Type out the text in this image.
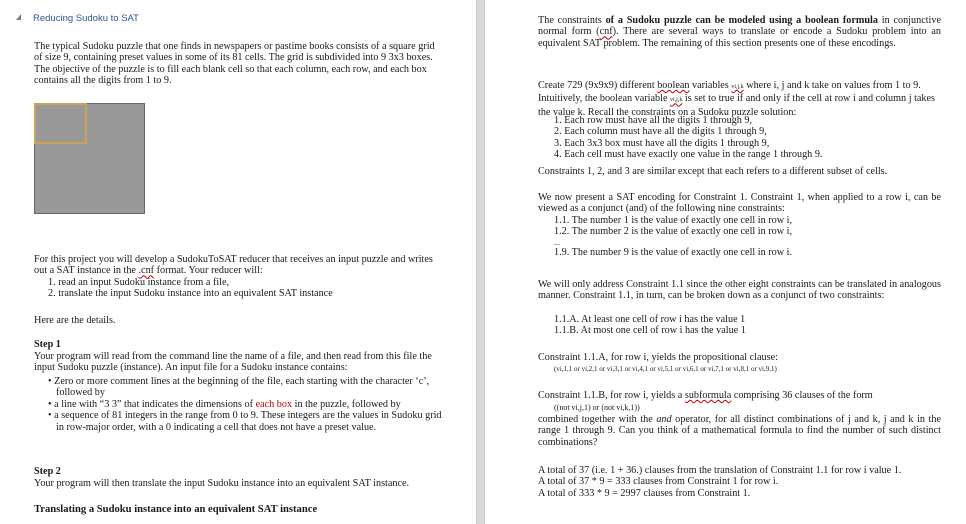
Reducing Sudoku to SAT

The typical Sudoku puzzle that one finds in newspapers or pastime books consists of a square grid of size 9, containing preset values in some of its 81 cells. The grid is subdivided into 9 3x3 boxes. The objective of the puzzle is to fill each blank cell so that each column, each row, and each box contains all the digits from 1 to 9.

For this project you will develop a SudokuToSAT reducer that receives an input puzzle and writes out a SAT instance in the .cnf format. Your reducer will:

1. read an input Sudoku instance from a file,

2. translate the input Sudoku instance into an equivalent SAT instance

Here are the details.

Step 1

Your program will read from the command line the name of a file, and then read from this file the input Sudoku puzzle (instance). An input file for a Sudoku instance contains:

• Zero or more comment lines at the beginning of the file, each starting with the character ‘c’, followed by

• a line with “3 3” that indicates the dimensions of each box in the puzzle, followed by

• a sequence of 81 integers in the range from 0 to 9. These integers are the values in Sudoku grid in row-major order, with a 0 indicating a cell that does not have a preset value.

Step 2

Your program will then translate the input Sudoku instance into an equivalent SAT instance.

Translating a Sudoku instance into an equivalent SAT instance

The constraints of a Sudoku puzzle can be modeled using a boolean formula in conjunctive normal form (cnf). There are several ways to translate or encode a Sudoku problem into an equivalent SAT problem. The remaining of this section presents one of these encodings.

Create 729 (9x9x9) different boolean variables vi,j,k where i, j and k take on values from 1 to 9. Intuitively, the boolean variable vi,j,k is set to true if and only if the cell at row i and column j takes the value k. Recall the constraints on a Sudoku puzzle solution:

1. Each row must have all the digits 1 through 9,

2. Each column must have all the digits 1 through 9,

3. Each 3x3 box must have all the digits 1 through 9,

4. Each cell must have exactly one value in the range 1 through 9.

Constraints 1, 2, and 3 are similar except that each refers to a different subset of cells.

We now present a SAT encoding for Constraint 1. Constraint 1, when applied to a row i, can be viewed as a conjunct (and) of the following nine constraints:

1.1. The number 1 is the value of exactly one cell in row i,

1.2. The number 2 is the value of exactly one cell in row i,

...

1.9. The number 9 is the value of exactly one cell in row i.

We will only address Constraint 1.1 since the other eight constraints can be translated in analogous manner. Constraint 1.1, in turn, can be broken down as a conjunct of two constraints:

1.1.A. At least one cell of row i has the value 1

1.1.B. At most one cell of row i has the value 1

Constraint 1.1.A, for row i, yields the propositional clause:

(vi,1,1 or vi,2,1 or vi,3,1 or vi,4,1 or vi,5,1 or vi,6,1 or vi,7,1 or vi,8,1 or vi,9,1)

Constraint 1.1.B, for row i, yields a subformula comprising 36 clauses of the form

((not vi,j,1) or (not vi,k,1))

combined together with the and operator, for all distinct combinations of j and k, j and k in the range 1 through 9. Can you think of a mathematical formula to find the number of such distinct combinations?

A total of 37 (i.e. 1 + 36.) clauses from the translation of Constraint 1.1 for row i value 1.

A total of 37 * 9 = 333 clauses from Constraint 1 for row i.

A total of 333 * 9 = 2997 clauses from Constraint 1.
